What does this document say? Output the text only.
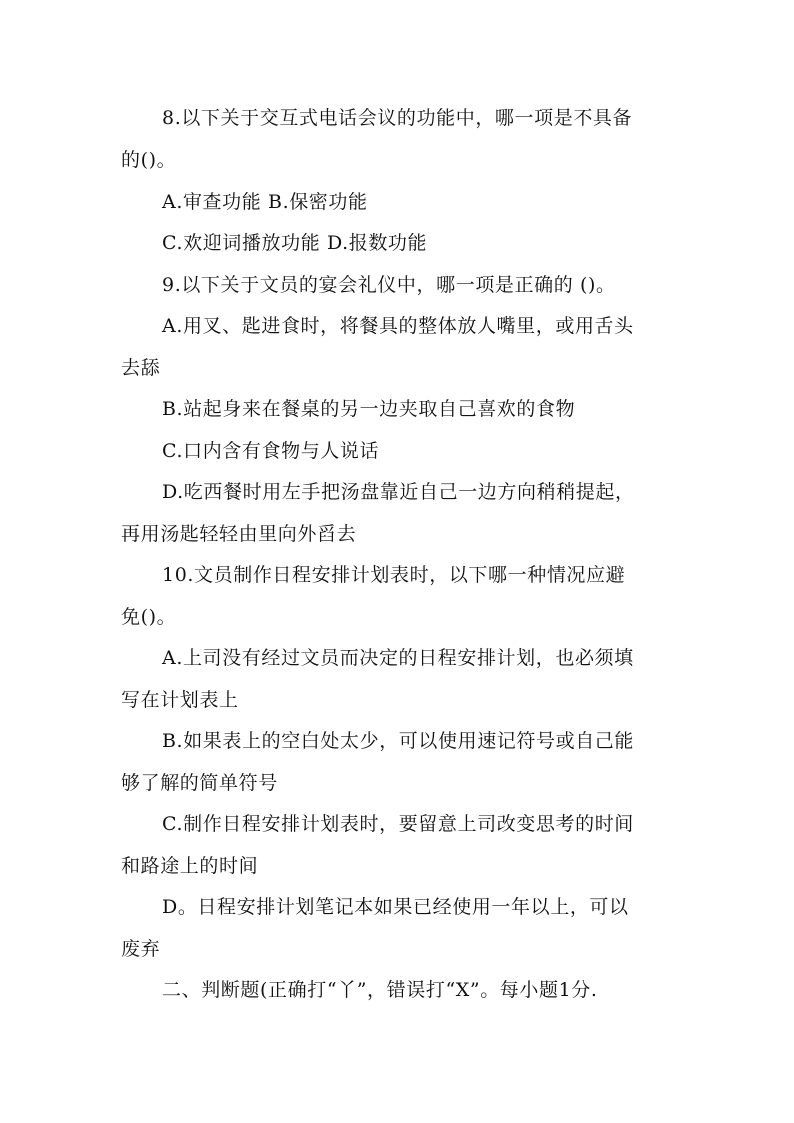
8.以下关于交互式电话会议的功能中，哪一项是不具备
的()。
A.审查功能 B.保密功能
C.欢迎词播放功能 D.报数功能
9.以下关于文员的宴会礼仪中，哪一项是正确的 ()。
A.用叉、匙进食时，将餐具的整体放人嘴里，或用舌头
去舔
B.站起身来在餐桌的另一边夹取自己喜欢的食物
C.口内含有食物与人说话
D.吃西餐时用左手把汤盘靠近自己一边方向稍稍提起，
再用汤匙轻轻由里向外舀去
10.文员制作日程安排计划表时，以下哪一种情况应避
免()。
A.上司没有经过文员而决定的日程安排计划，也必须填
写在计划表上
B.如果表上的空白处太少，可以使用速记符号或自己能
够了解的简单符号
C.制作日程安排计划表时，要留意上司改变思考的时间
和路途上的时间
D。日程安排计划笔记本如果已经使用一年以上，可以
废弃
二、判断题(正确打“丫”，错误打“X”。每小题1分.
